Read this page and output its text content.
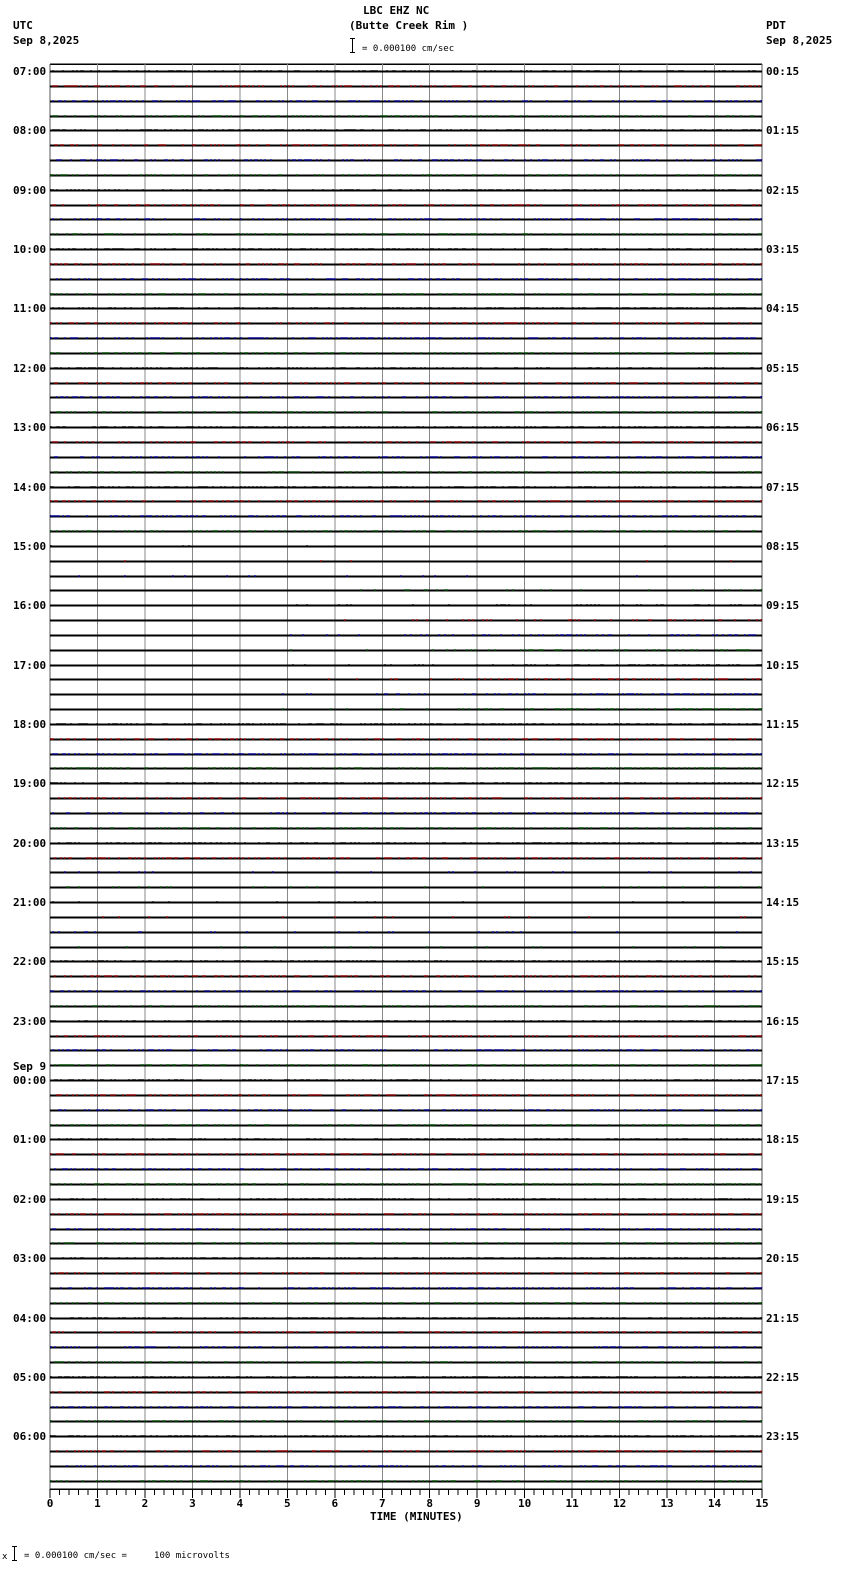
LBC EHZ NC
(Butte Creek Rim )
= 0.000100 cm/sec
UTC
Sep 8,2025
PDT
Sep 8,2025
07:00
08:00
09:00
10:00
11:00
12:00
13:00
14:00
15:00
16:00
17:00
18:00
19:00
20:00
21:00
22:00
23:00
00:00
Sep 9
01:00
02:00
03:00
04:00
05:00
06:00
00:15
01:15
02:15
03:15
04:15
05:15
06:15
07:15
08:15
09:15
10:15
11:15
12:15
13:15
14:15
15:15
16:15
17:15
18:15
19:15
20:15
21:15
22:15
23:15
0	1	2	3	4	5	6	7	8	9	10	11	12	13	14	15
TIME (MINUTES)
x = 0.000100 cm/sec =     100 microvolts
